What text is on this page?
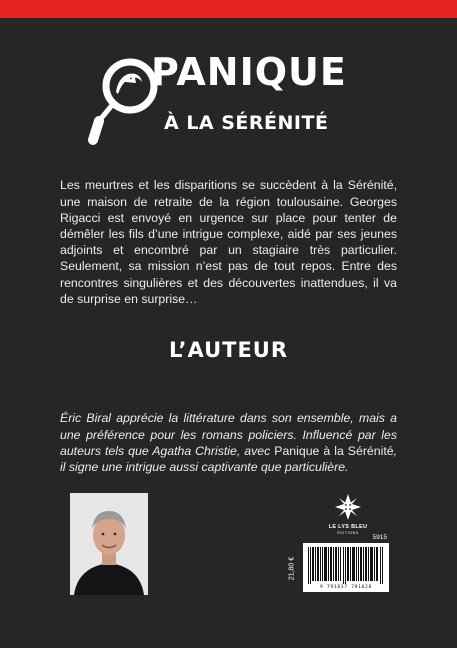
PANIQUE
À LA SÉRÉNITÉ

Les meurtres et les disparitions se succèdent à la Sérénité, une maison de retraite de la région toulousaine. Georges Rigacci est envoyé en urgence sur place pour tenter de démêler les fils d’une intrigue complexe, aidé par ses jeunes adjoints et encombré par un stagiaire très particulier. Seulement, sa mission n’est pas de tout repos. Entre des rencontres singulières et des découvertes inattendues, il va de surprise en surprise…

L’AUTEUR

Éric Biral apprécie la littérature dans son ensemble, mais a une préférence pour les romans policiers. Influencé par les auteurs tels que Agatha Christie, avec Panique à la Sérénité, il signe une intrigue aussi captivante que particulière.

LE LYS BLEU
ÉDITIONS
5915
9 791037 791628
21,80 €
